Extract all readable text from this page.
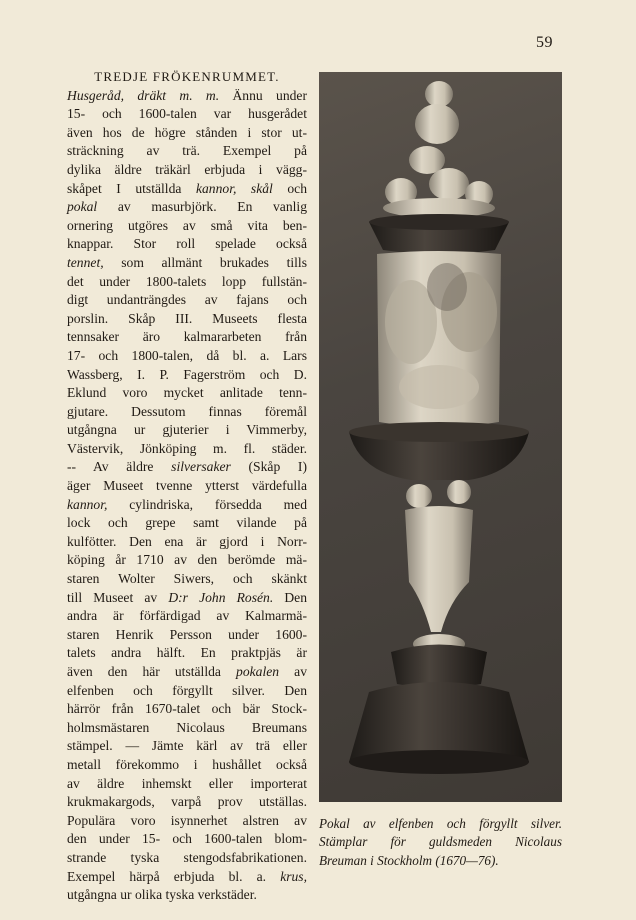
59
TREDJE FRÖKENRUMMET.
Husgeråd, dräkt m. m. Ännu under
15- och 1600-talen var husgerådet
även hos de högre stånden i stor ut-
sträckning av trä. Exempel på
dylika äldre träkärl erbjuda i vägg-
skåpet I utställda kannor, skål och
pokal av masurbjörk. En vanlig
ornering utgöres av små vita ben-
knappar. Stor roll spelade också
tennet, som allmänt brukades tills
det under 1800-talets lopp fullstän-
digt undanträngdes av fajans och
porslin. Skåp III. Museets flesta
tennsaker äro kalmararbeten från
17- och 1800-talen, då bl. a. Lars
Wassberg, I. P. Fagerström och D.
Eklund voro mycket anlitade tenn-
gjutare. Dessutom finnas föremål
utgångna ur gjuterier i Vimmerby,
Västervik, Jönköping m. fl. städer.
-- Av äldre silversaker (Skåp I)
äger Museet tvenne ytterst värdefulla
kannor, cylindriska, försedda med
lock och grepe samt vilande på
kulfötter. Den ena är gjord i Norr-
köping år 1710 av den berömde mä-
staren Wolter Siwers, och skänkt
till Museet av D:r John Rosén. Den
andra är förfärdigad av Kalmarmä-
staren Henrik Persson under 1600-
talets andra hälft. En praktpjäs är
även den här utställda pokalen av
elfenben och förgyllt silver. Den
härrör från 1670-talet och bär Stock-
holmsmästaren Nicolaus Breumans
stämpel. — Jämte kärl av trä eller
metall förekommo i hushållet också
av äldre inhemskt eller importerat
krukmakargods, varpå prov utställas.
Populära voro isynnerhet alstren av
den under 15- och 1600-talen blom-
strande tyska stengodsfabrikationen.
Exempel härpå erbjuda bl. a. krus,
utgångna ur olika tyska verkstäder.
Pokal av elfenben och förgyllt silver.
Stämplar för guldsmeden Nicolaus
Breuman i Stockholm (1670—76).
